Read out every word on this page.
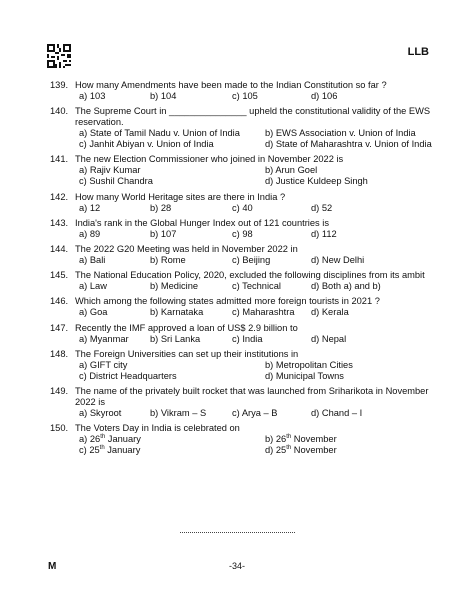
LLB
139. How many Amendments have been made to the Indian Constitution so far ?
a) 103	b) 104	c) 105	d) 106
140. The Supreme Court in _______________ upheld the constitutional validity of the EWS reservation.
a) State of Tamil Nadu v. Union of India	b) EWS Association v. Union of India
c) Janhit Abiyan v. Union of India	d) State of Maharashtra v. Union of India
141. The new Election Commissioner who joined in November 2022 is
a) Rajiv Kumar	b) Arun Goel
c) Sushil Chandra	d) Justice Kuldeep Singh
142. How many World Heritage sites are there in India ?
a) 12	b) 28	c) 40	d) 52
143. India's rank in the Global Hunger Index out of 121 countries is
a) 89	b) 107	c) 98	d) 112
144. The 2022 G20 Meeting was held in November 2022 in
a) Bali	b) Rome	c) Beijing	d) New Delhi
145. The National Education Policy, 2020, excluded the following disciplines from its ambit
a) Law	b) Medicine	c) Technical	d) Both a) and b)
146. Which among the following states admitted more foreign tourists in 2021 ?
a) Goa	b) Karnataka	c) Maharashtra	d) Kerala
147. Recently the IMF approved a loan of US$ 2.9 billion to
a) Myanmar	b) Sri Lanka	c) India	d) Nepal
148. The Foreign Universities can set up their institutions in
a) GIFT city	b) Metropolitan Cities
c) District Headquarters	d) Municipal Towns
149. The name of the privately built rocket that was launched from Sriharikota in November 2022 is
a) Skyroot	b) Vikram – S	c) Arya – B	d) Chand – I
150. The Voters Day in India is celebrated on
a) 26th January	b) 26th November
c) 25th January	d) 25th November
M	-34-
